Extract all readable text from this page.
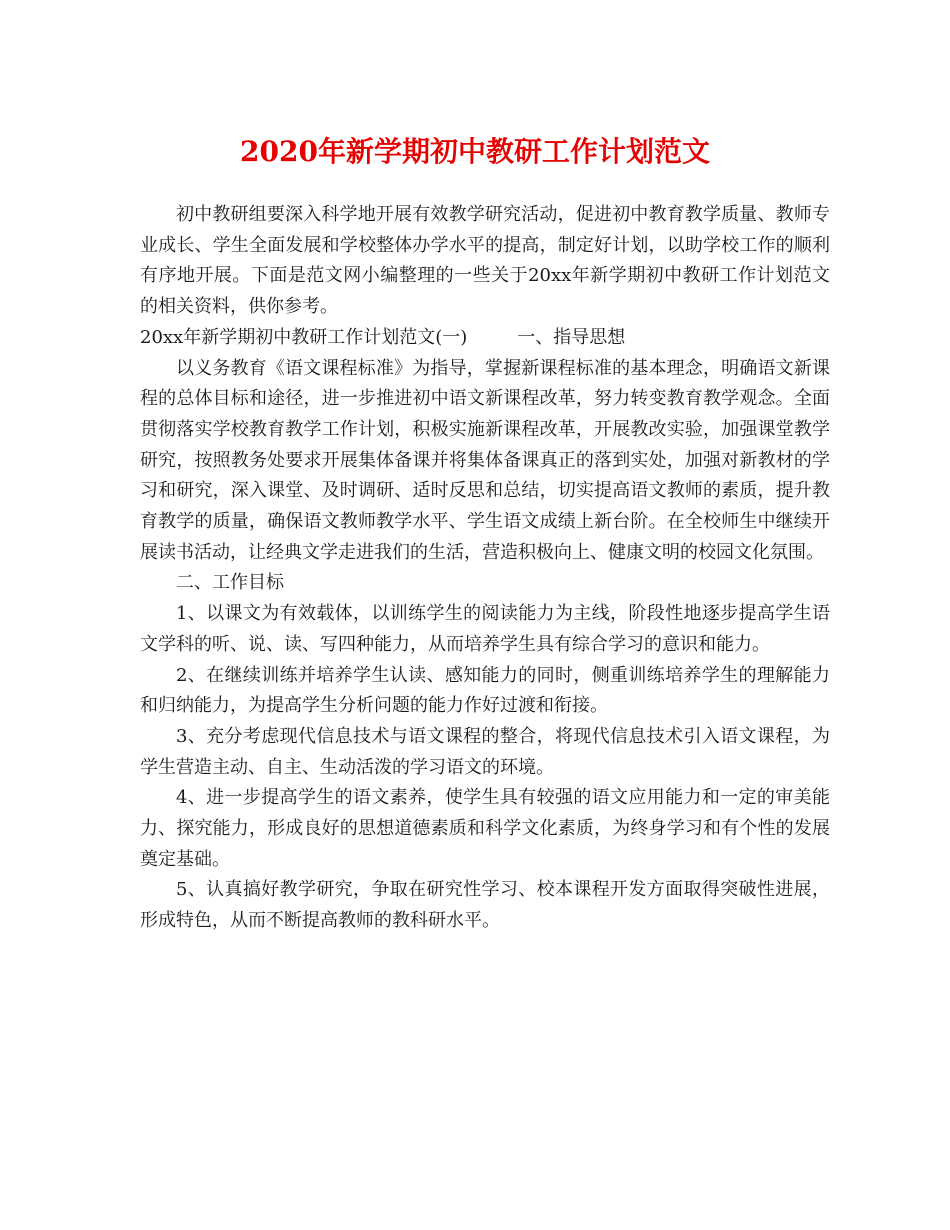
2020年新学期初中教研工作计划范文

初中教研组要深入科学地开展有效教学研究活动，促进初中教育教学质量、教师专业成长、学生全面发展和学校整体办学水平的提高，制定好计划，以助学校工作的顺利有序地开展。下面是范文网小编整理的一些关于20xx年新学期初中教研工作计划范文的相关资料，供你参考。

20xx年新学期初中教研工作计划范文(一)	一、指导思想

以义务教育《语文课程标准》为指导，掌握新课程标准的基本理念，明确语文新课程的总体目标和途径，进一步推进初中语文新课程改革，努力转变教育教学观念。全面贯彻落实学校教育教学工作计划，积极实施新课程改革，开展教改实验，加强课堂教学研究，按照教务处要求开展集体备课并将集体备课真正的落到实处，加强对新教材的学习和研究，深入课堂、及时调研、适时反思和总结，切实提高语文教师的素质，提升教育教学的质量，确保语文教师教学水平、学生语文成绩上新台阶。在全校师生中继续开展读书活动，让经典文学走进我们的生活，营造积极向上、健康文明的校园文化氛围。

二、工作目标

1、以课文为有效载体，以训练学生的阅读能力为主线，阶段性地逐步提高学生语文学科的听、说、读、写四种能力，从而培养学生具有综合学习的意识和能力。

2、在继续训练并培养学生认读、感知能力的同时，侧重训练培养学生的理解能力和归纳能力，为提高学生分析问题的能力作好过渡和衔接。

3、充分考虑现代信息技术与语文课程的整合，将现代信息技术引入语文课程，为学生营造主动、自主、生动活泼的学习语文的环境。

4、进一步提高学生的语文素养，使学生具有较强的语文应用能力和一定的审美能力、探究能力，形成良好的思想道德素质和科学文化素质，为终身学习和有个性的发展奠定基础。

5、认真搞好教学研究，争取在研究性学习、校本课程开发方面取得突破性进展，形成特色，从而不断提高教师的教科研水平。
